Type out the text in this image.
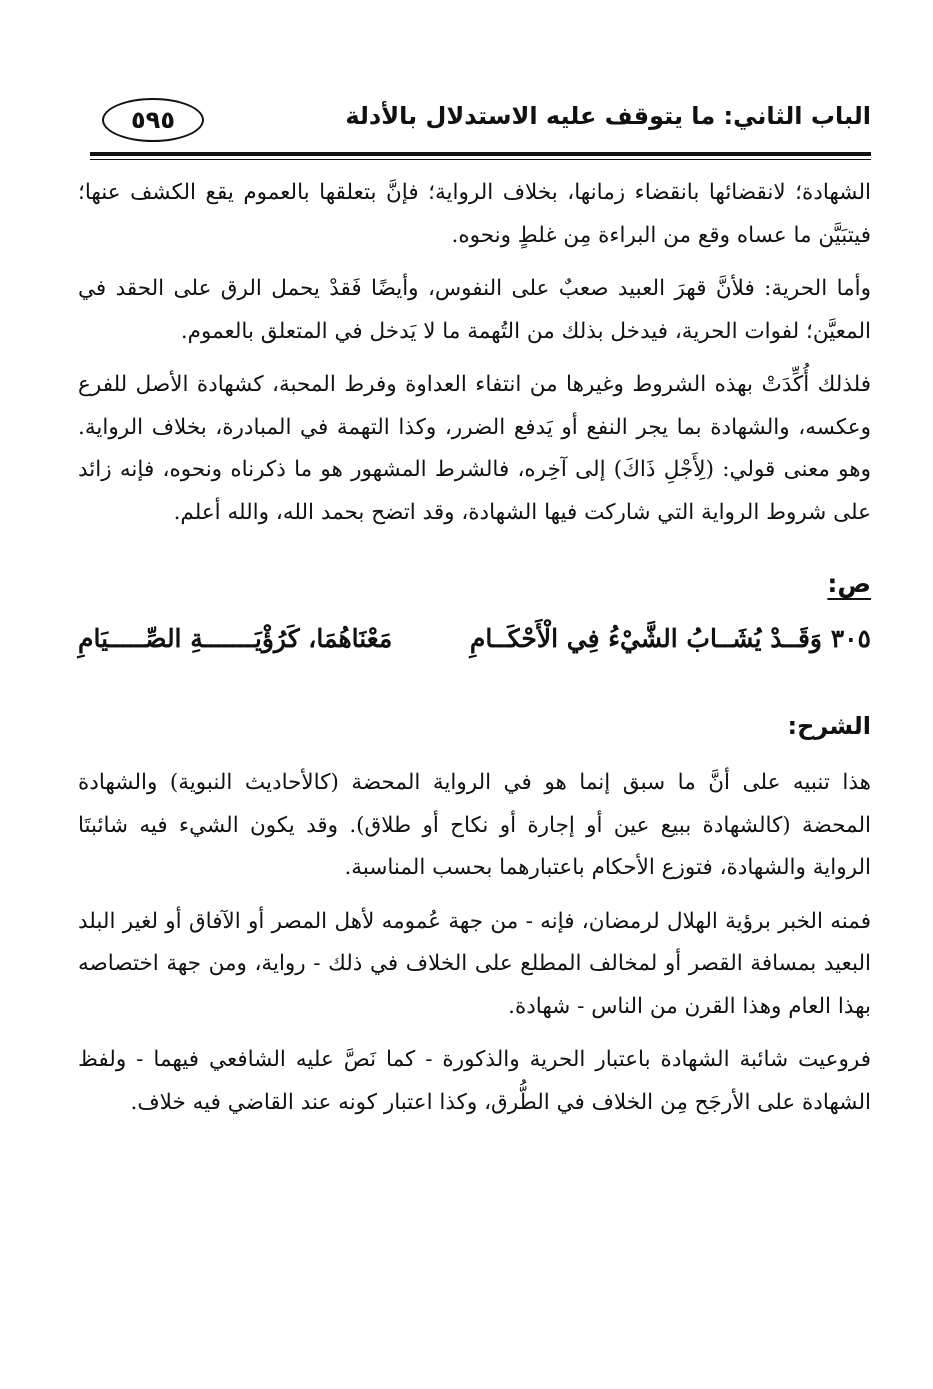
الباب الثاني: ما يتوقف عليه الاستدلال بالأدلة
٥٩٥

الشهادة؛ لانقضائها بانقضاء زمانها، بخلاف الرواية؛ فإنَّ بتعلقها بالعموم يقع الكشف عنها؛ فيتبَيَّن ما عساه وقع من البراءة مِن غلطٍ ونحوه.

وأما الحرية: فلأنَّ قهرَ العبيد صعبٌ على النفوس، وأيضًا فَقدْ يحمل الرق على الحقد في المعيَّن؛ لفوات الحرية، فيدخل بذلك من التُهمة ما لا يَدخل في المتعلق بالعموم.

فلذلك أُكِّدَتْ بهذه الشروط وغيرها من انتفاء العداوة وفرط المحبة، كشهادة الأصل للفرع وعكسه، والشهادة بما يجر النفع أو يَدفع الضرر، وكذا التهمة في المبادرة، بخلاف الرواية. وهو معنى قولي: (لِأَجْلِ ذَاكَ) إلى آخِره، فالشرط المشهور هو ما ذكرناه ونحوه، فإنه زائد على شروط الرواية التي شاركت فيها الشهادة، وقد اتضح بحمد الله، والله أعلم.

ص:
٣٠٥ وَقَــدْ يُشَــابُ الشَّيْءُ فِي الْأَحْكَــامِ
مَعْنَاهُمَا، كَرُؤْيَـــــــةِ الصِّـــــيَامِ
الشرح:

هذا تنبيه على أنَّ ما سبق إنما هو في الرواية المحضة (كالأحاديث النبوية) والشهادة المحضة (كالشهادة ببيع عين أو إجارة أو نكاح أو طلاق). وقد يكون الشيء فيه شائبتَا الرواية والشهادة، فتوزع الأحكام باعتبارهما بحسب المناسبة.

فمنه الخبر برؤية الهلال لرمضان، فإنه - من جهة عُمومه لأهل المصر أو الآفاق أو لغير البلد البعيد بمسافة القصر أو لمخالف المطلع على الخلاف في ذلك - رواية، ومن جهة اختصاصه بهذا العام وهذا القرن من الناس - شهادة.

فروعيت شائبة الشهادة باعتبار الحرية والذكورة - كما نَصَّ عليه الشافعي فيهما - ولفظ الشهادة على الأرجَح مِن الخلاف في الطُّرق، وكذا اعتبار كونه عند القاضي فيه خلاف.
